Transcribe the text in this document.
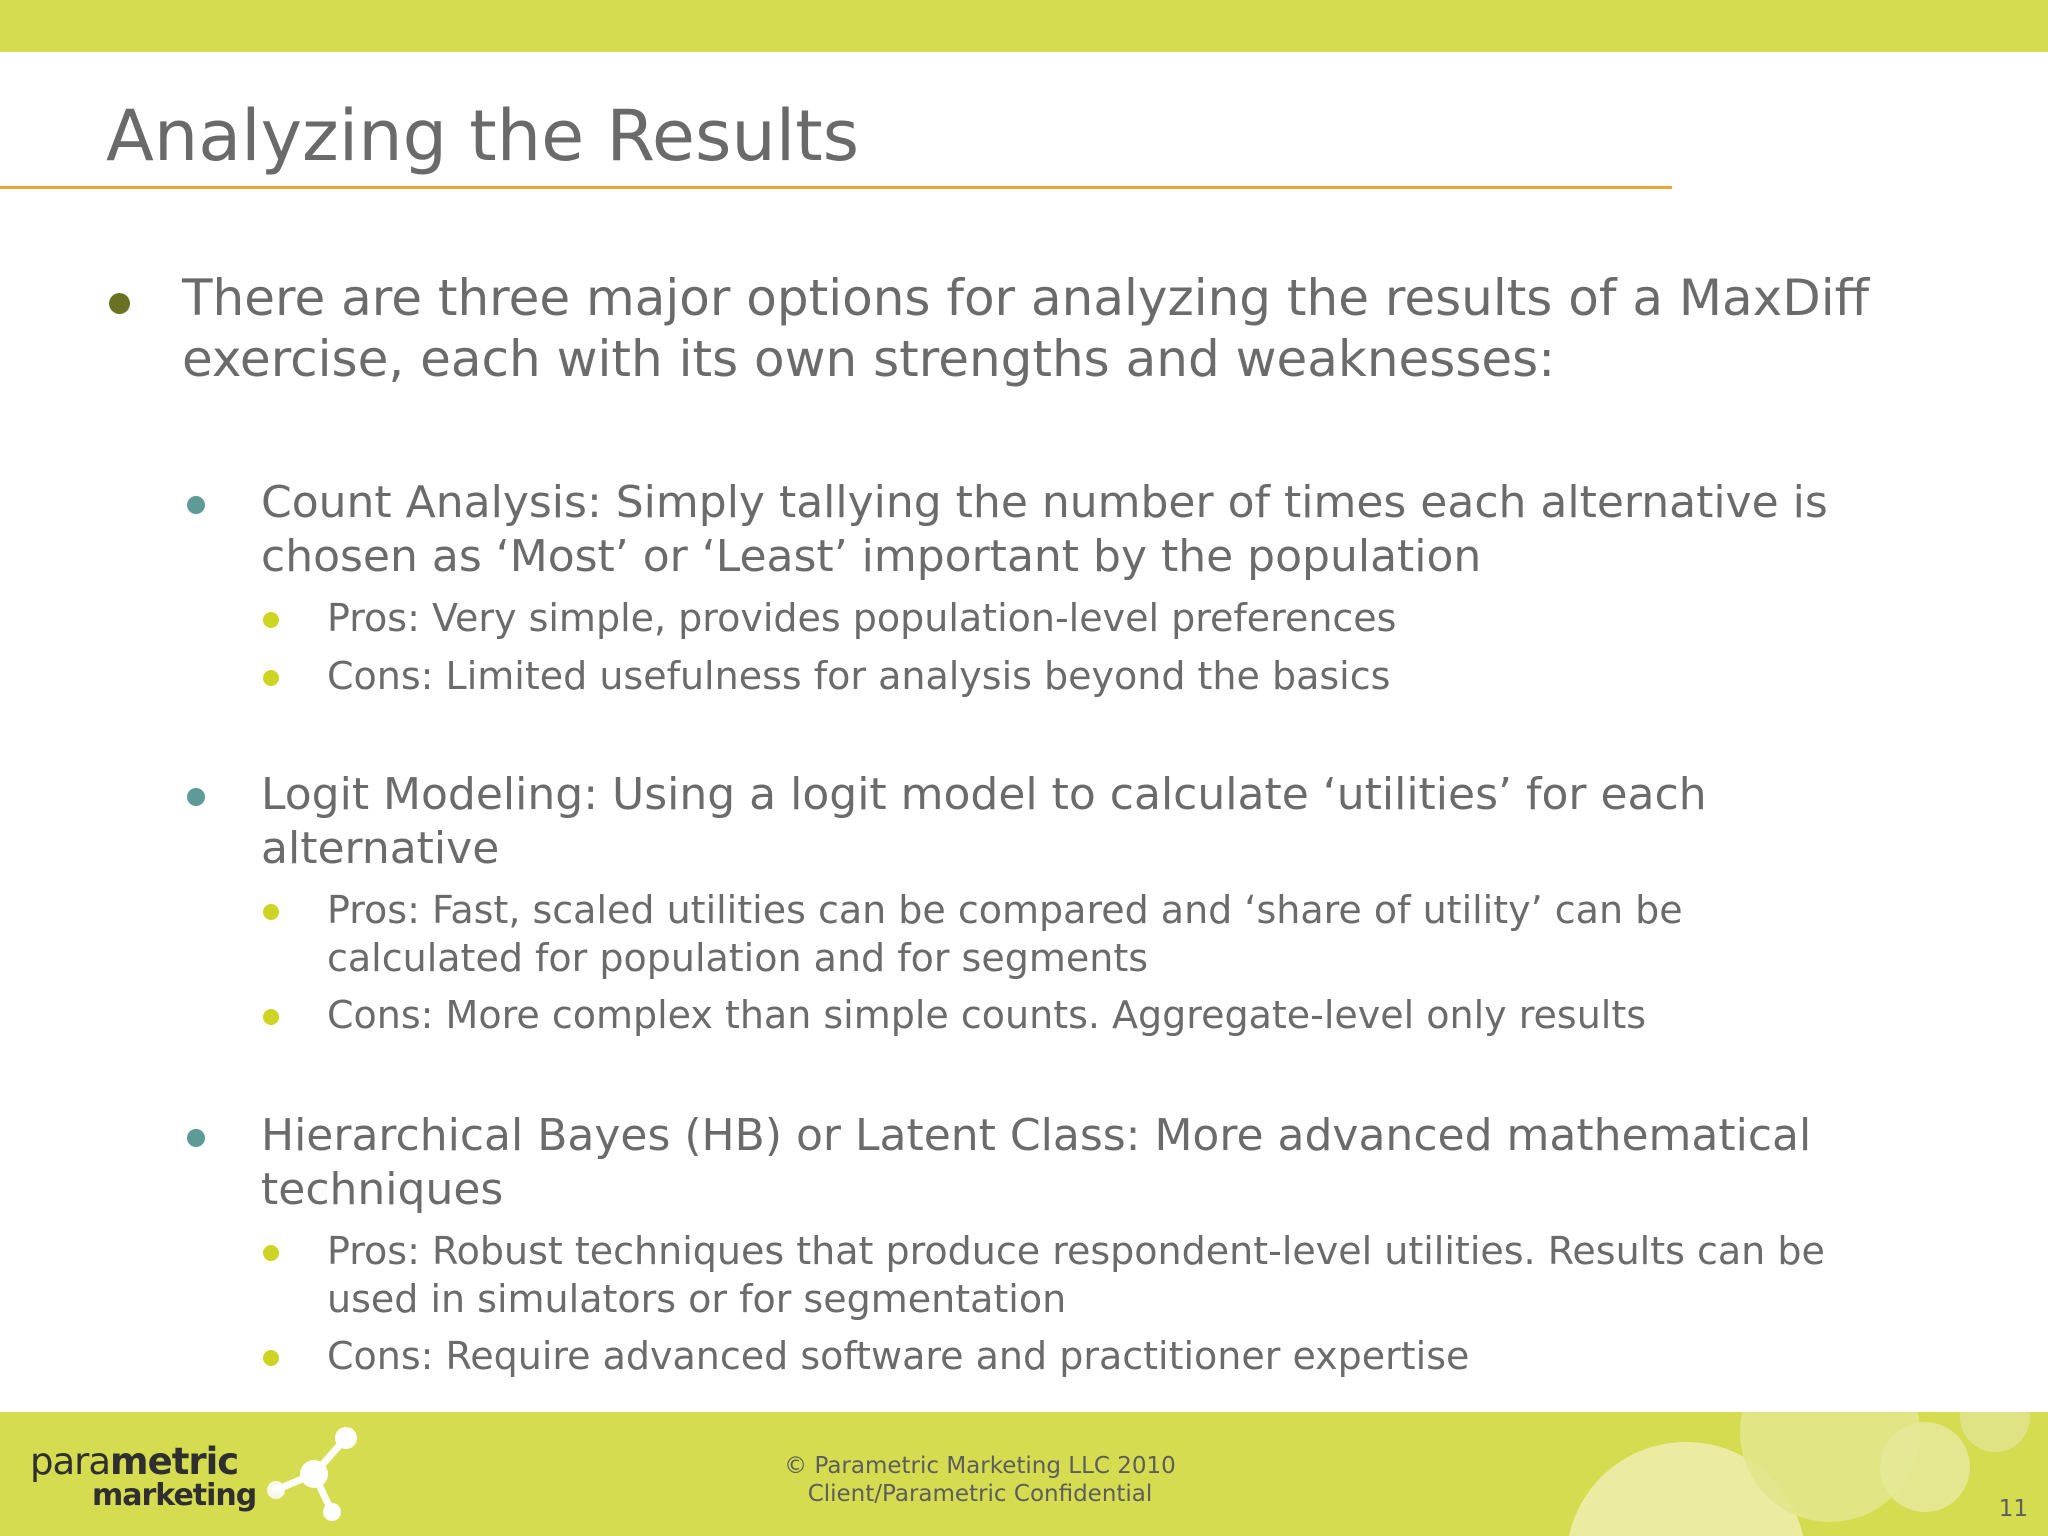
Analyzing the Results
There are three major options for analyzing the results of a MaxDiff
exercise, each with its own strengths and weaknesses:
Count Analysis: Simply tallying the number of times each alternative is
chosen as ‘Most’ or ‘Least’ important by the population
Pros: Very simple, provides population-level preferences
Cons: Limited usefulness for analysis beyond the basics
Logit Modeling: Using a logit model to calculate ‘utilities’ for each
alternative
Pros: Fast, scaled utilities can be compared and ‘share of utility’ can be
calculated for population and for segments
Cons: More complex than simple counts. Aggregate-level only results
Hierarchical Bayes (HB) or Latent Class: More advanced mathematical
techniques
Pros: Robust techniques that produce respondent-level utilities. Results can be
used in simulators or for segmentation
Cons: Require advanced software and practitioner expertise
parametric
marketing
© Parametric Marketing LLC 2010
Client/Parametric Confidential
11
